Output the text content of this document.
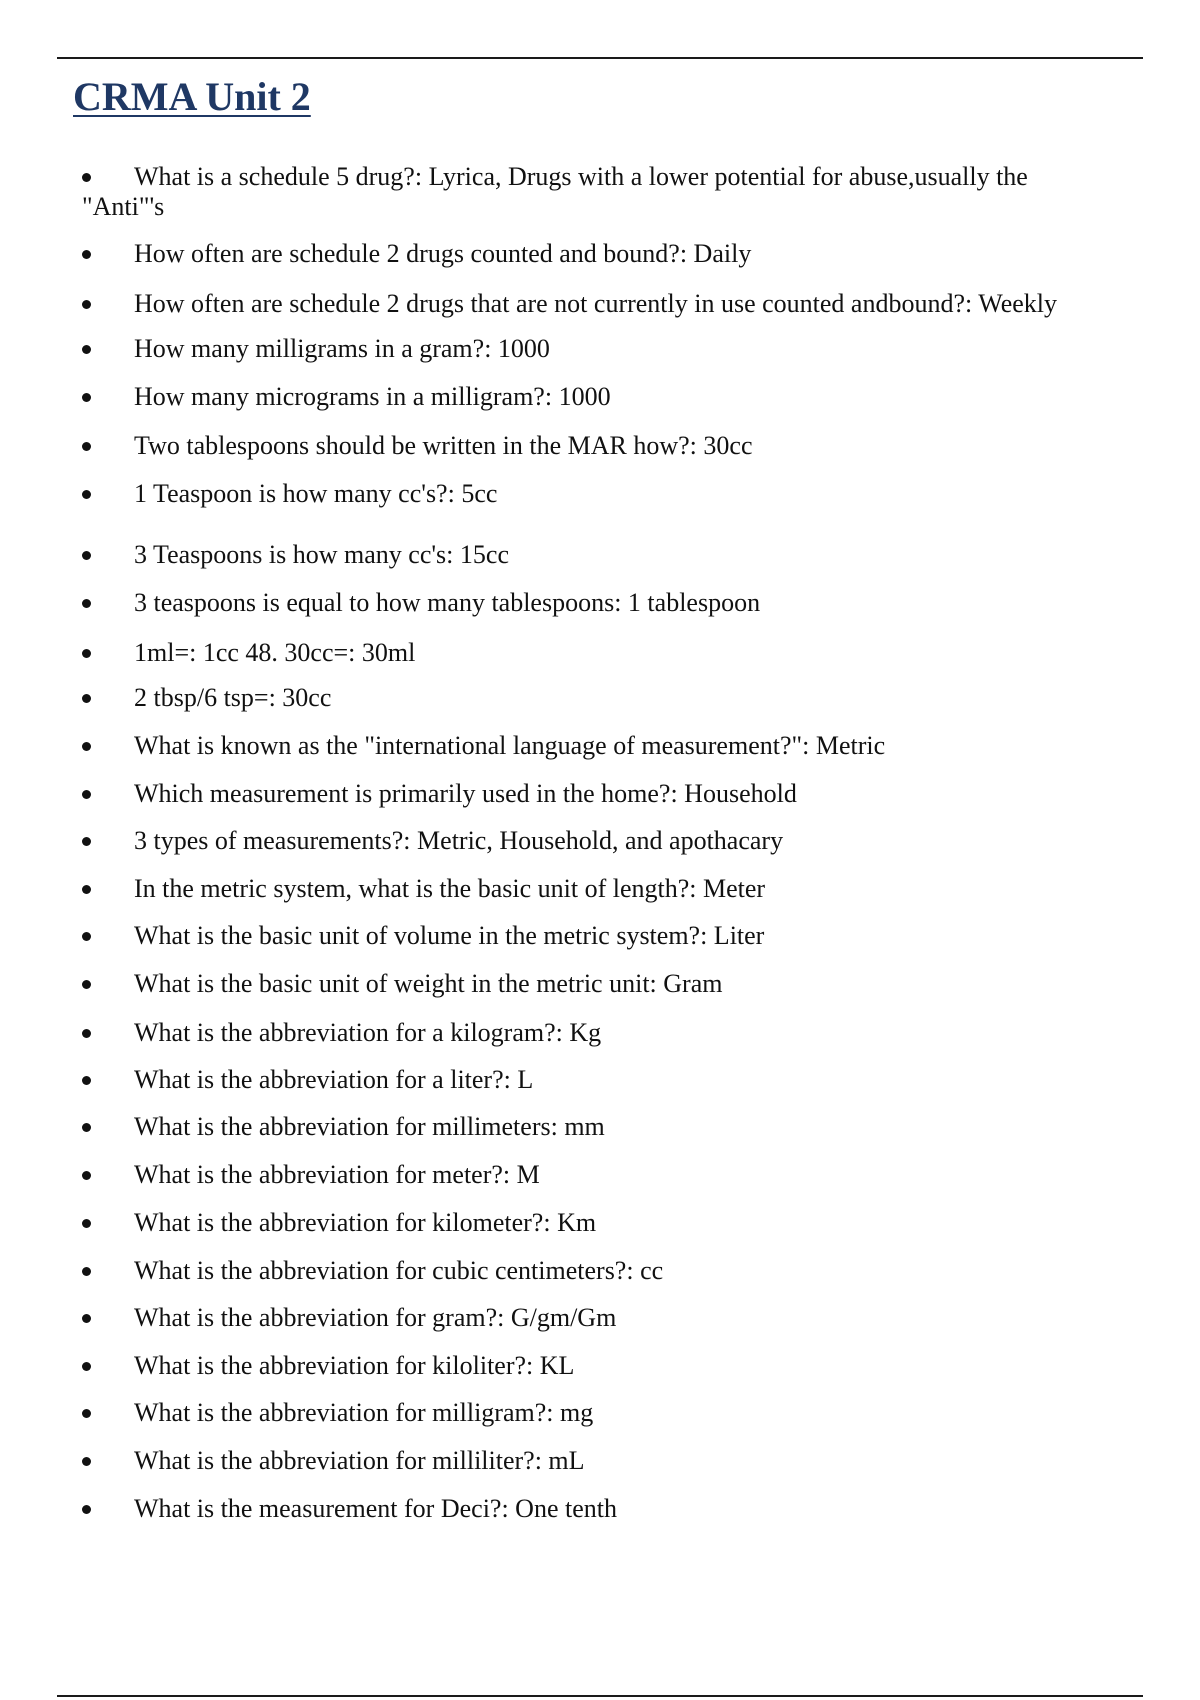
CRMA Unit 2
What is a schedule 5 drug?: Lyrica, Drugs with a lower potential for abuse,usually the "Anti"'s
How often are schedule 2 drugs counted and bound?: Daily
How often are schedule 2 drugs that are not currently in use counted andbound?: Weekly
How many milligrams in a gram?: 1000
How many micrograms in a milligram?: 1000
Two tablespoons should be written in the MAR how?: 30cc
1 Teaspoon is how many cc's?: 5cc
3 Teaspoons is how many cc's: 15cc
3 teaspoons is equal to how many tablespoons: 1 tablespoon
1ml=: 1cc 48. 30cc=: 30ml
2 tbsp/6 tsp=: 30cc
What is known as the "international language of measurement?": Metric
Which measurement is primarily used in the home?: Household
3 types of measurements?: Metric, Household, and apothacary
In the metric system, what is the basic unit of length?: Meter
What is the basic unit of volume in the metric system?: Liter
What is the basic unit of weight in the metric unit: Gram
What is the abbreviation for a kilogram?: Kg
What is the abbreviation for a liter?: L
What is the abbreviation for millimeters: mm
What is the abbreviation for meter?: M
What is the abbreviation for kilometer?: Km
What is the abbreviation for cubic centimeters?: cc
What is the abbreviation for gram?: G/gm/Gm
What is the abbreviation for kiloliter?: KL
What is the abbreviation for milligram?: mg
What is the abbreviation for milliliter?: mL
What is the measurement for Deci?: One tenth
